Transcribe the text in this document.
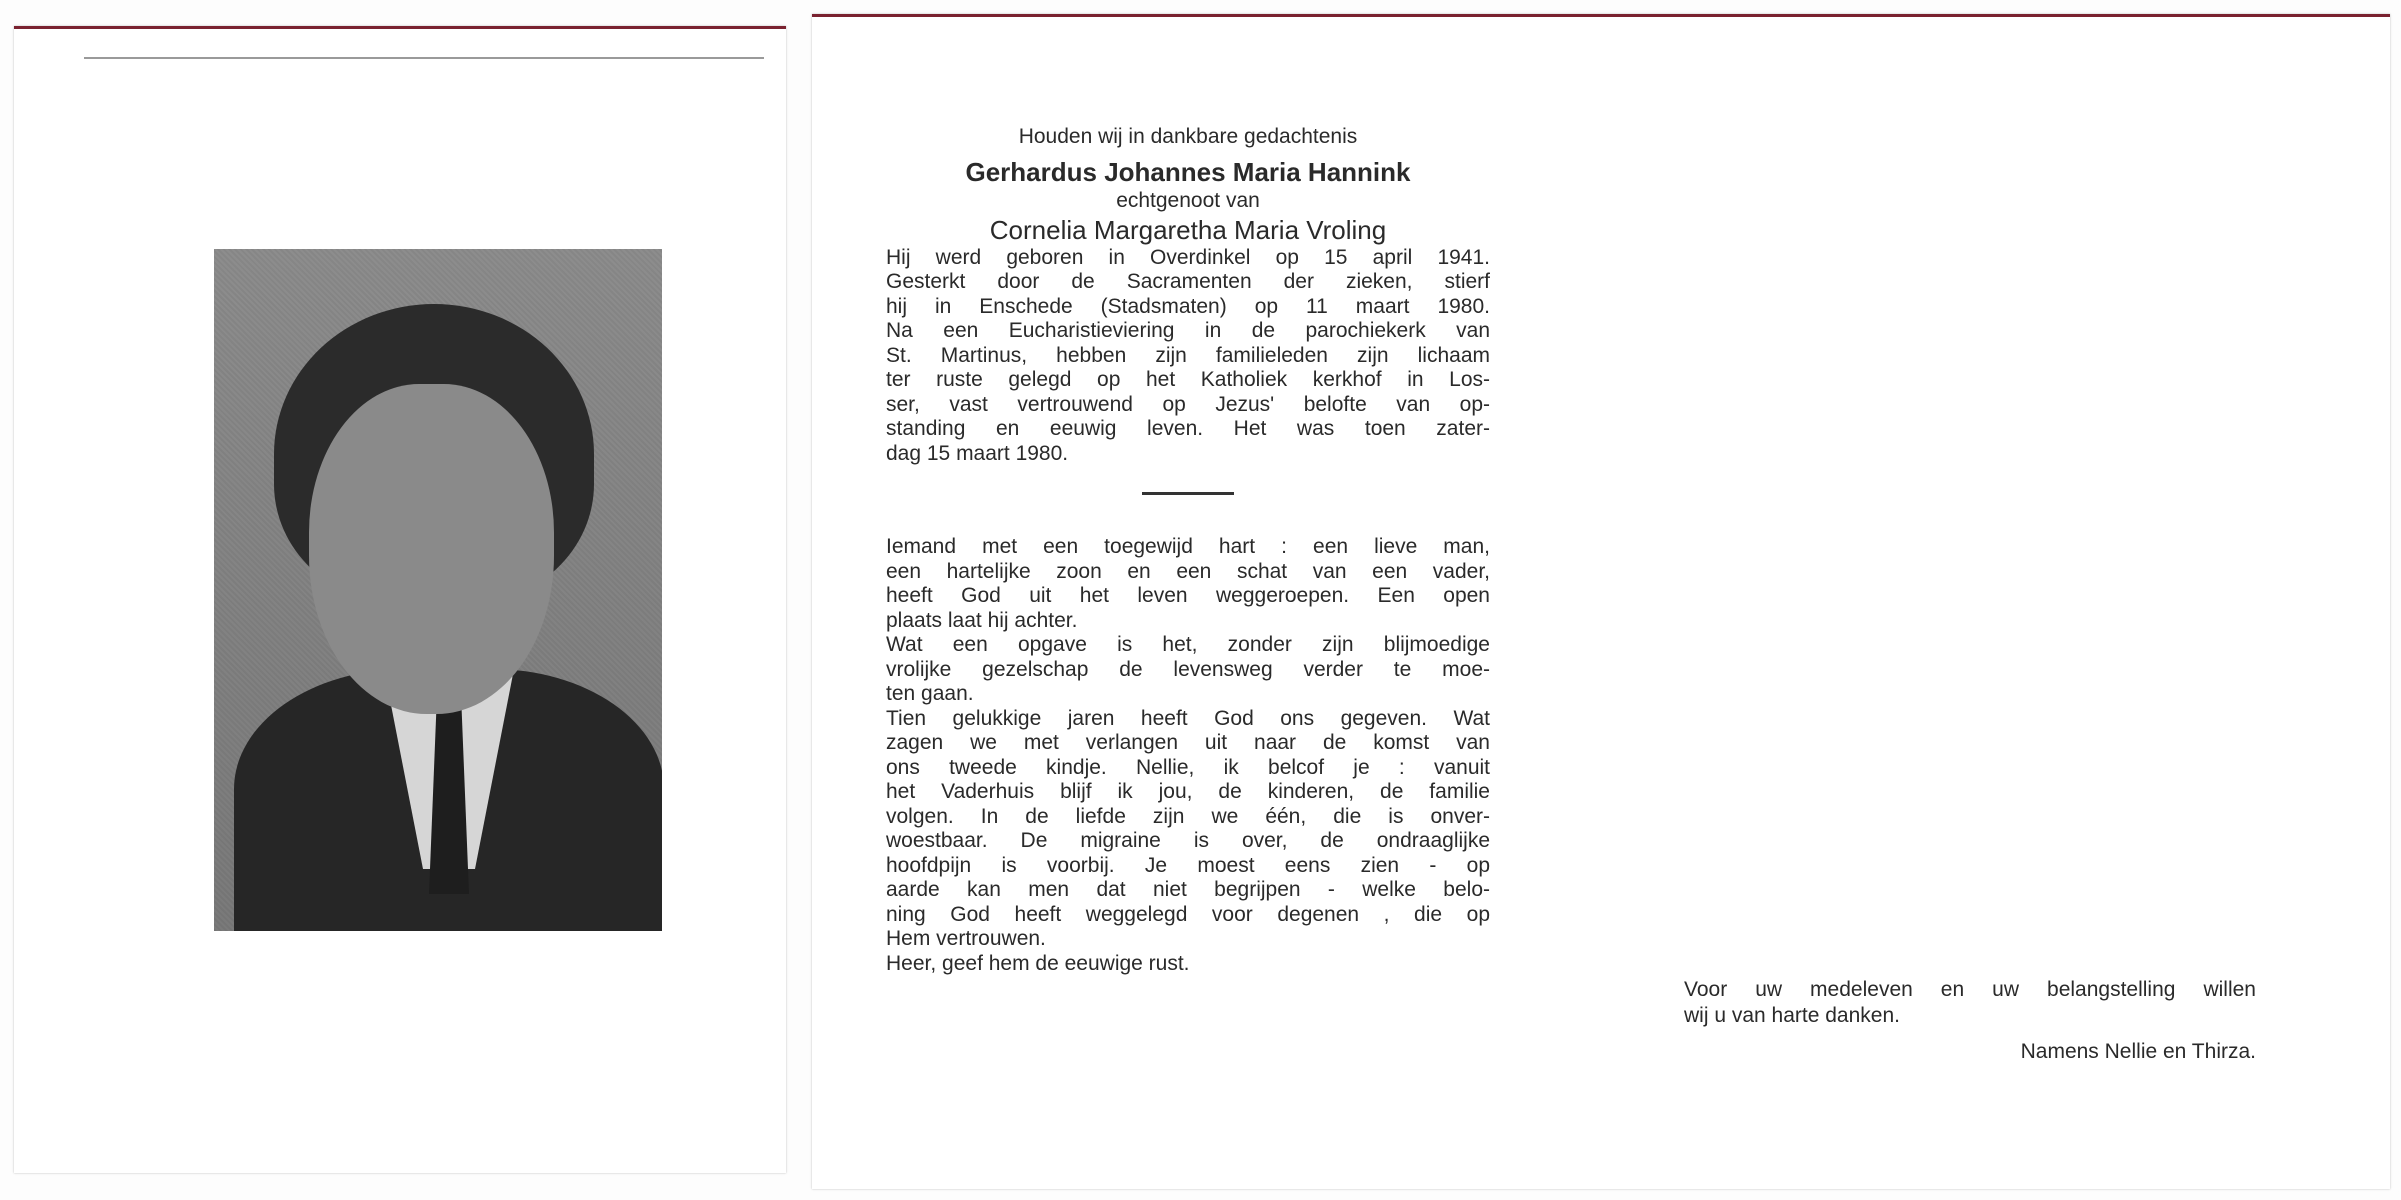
Houden wij in dankbare gedachtenis
Gerhardus Johannes Maria Hannink
echtgenoot van
Cornelia Margaretha Maria Vroling
Hij werd geboren in Overdinkel op 15 april 1941.
Gesterkt door de Sacramenten der zieken, stierf
hij in Enschede (Stadsmaten) op 11 maart 1980.
Na een Eucharistieviering in de parochiekerk van
St. Martinus, hebben zijn familieleden zijn lichaam
ter ruste gelegd op het Katholiek kerkhof in Los-
ser, vast vertrouwend op Jezus' belofte van op-
standing en eeuwig leven. Het was toen zater-
dag 15 maart 1980.
Iemand met een toegewijd hart : een lieve man,
een hartelijke zoon en een schat van een vader,
heeft God uit het leven weggeroepen. Een open
plaats laat hij achter.
Wat een opgave is het, zonder zijn blijmoedige
vrolijke gezelschap de levensweg verder te moe-
ten gaan.
Tien gelukkige jaren heeft God ons gegeven. Wat
zagen we met verlangen uit naar de komst van
ons tweede kindje. Nellie, ik belcof je : vanuit
het Vaderhuis blijf ik jou, de kinderen, de familie
volgen. In de liefde zijn we één, die is onver-
woestbaar. De migraine is over, de ondraaglijke
hoofdpijn is voorbij. Je moest eens zien - op
aarde kan men dat niet begrijpen - welke belo-
ning God heeft weggelegd voor degenen , die op
Hem vertrouwen.
Heer, geef hem de eeuwige rust.
Voor uw medeleven en uw belangstelling willen
wij u van harte danken.
Namens Nellie en Thirza.
